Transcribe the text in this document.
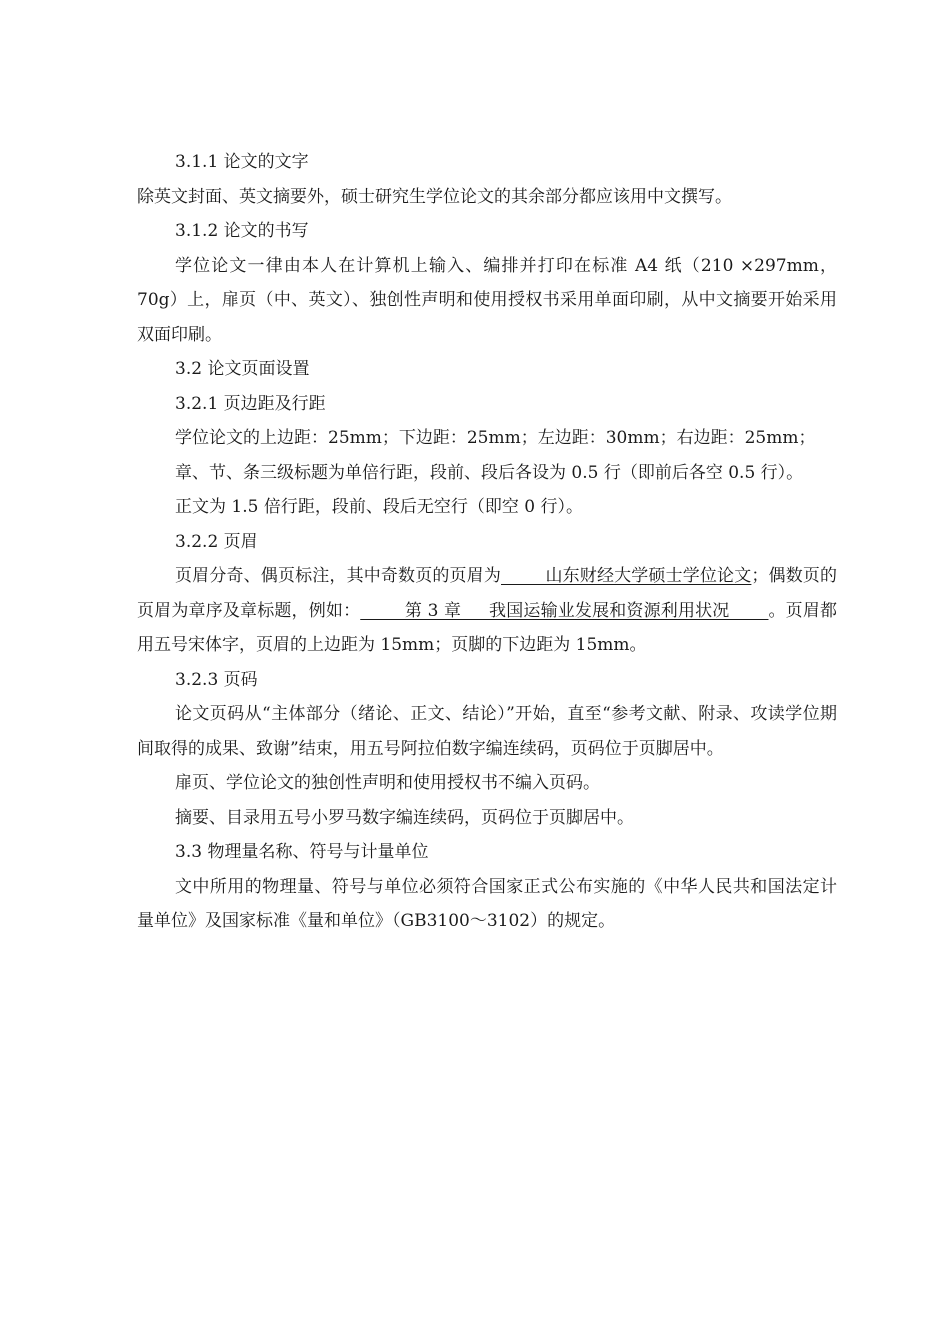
3.1.1 论文的文字

除英文封面、英文摘要外，硕士研究生学位论文的其余部分都应该用中文撰写。

3.1.2 论文的书写

学位论文一律由本人在计算机上输入、编排并打印在标准 A4 纸（210 ×297mm，70g）上，扉页（中、英文）、独创性声明和使用授权书采用单面印刷，从中文摘要开始采用双面印刷。

3.2 论文页面设置

3.2.1 页边距及行距

学位论文的上边距：25mm；下边距：25mm；左边距：30mm；右边距：25mm；

章、节、条三级标题为单倍行距，段前、段后各设为 0.5 行（即前后各空 0.5 行）。

正文为 1.5 倍行距，段前、段后无空行（即空 0 行）。

3.2.2 页眉

页眉分奇、偶页标注，其中奇数页的页眉为        山东财经大学硕士学位论文；偶数页的页眉为章序及章标题，例如：        第 3 章     我国运输业发展和资源利用状况       。页眉都用五号宋体字，页眉的上边距为 15mm；页脚的下边距为 15mm。

3.2.3 页码

论文页码从“主体部分（绪论、正文、结论）”开始，直至“参考文献、附录、攻读学位期间取得的成果、致谢”结束，用五号阿拉伯数字编连续码，页码位于页脚居中。

扉页、学位论文的独创性声明和使用授权书不编入页码。

摘要、目录用五号小罗马数字编连续码，页码位于页脚居中。

3.3 物理量名称、符号与计量单位

文中所用的物理量、符号与单位必须符合国家正式公布实施的《中华人民共和国法定计量单位》及国家标准《量和单位》（GB3100～3102）的规定。
